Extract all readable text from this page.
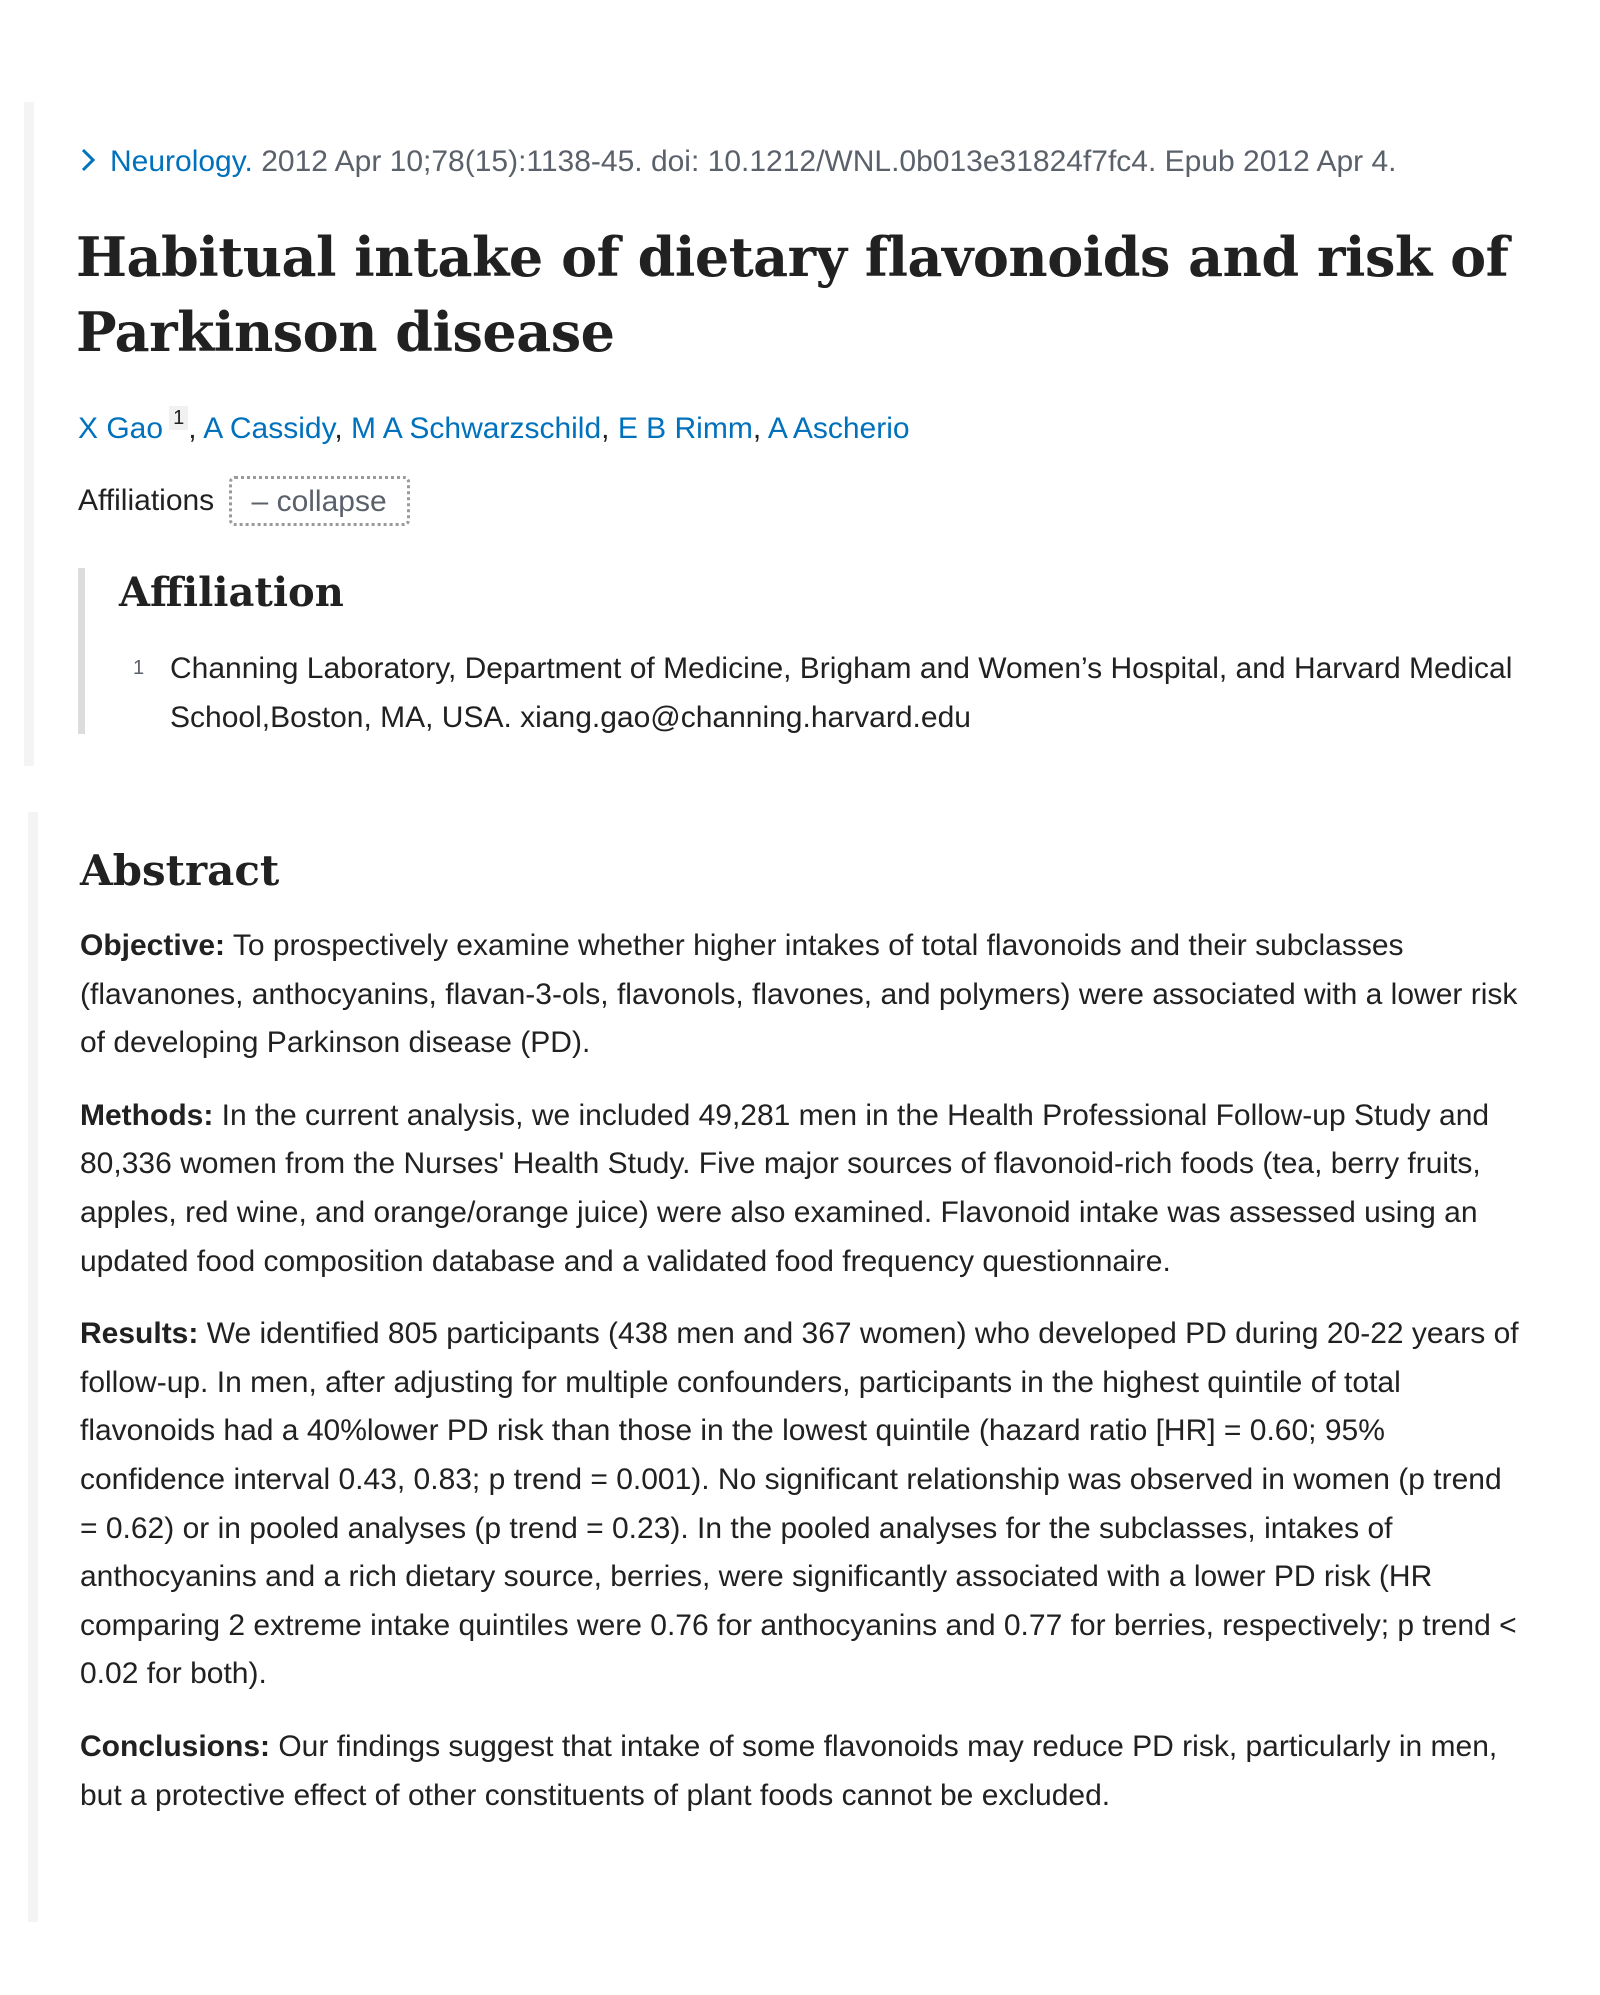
Neurology. 2012 Apr 10;78(15):1138-45. doi: 10.1212/WNL.0b013e31824f7fc4. Epub 2012 Apr 4.
Habitual intake of dietary flavonoids and risk of Parkinson disease
X Gao $^1$ , A Cassidy, M A Schwarzschild, E B Rimm, A Ascherio
Affiliations – collapse
Affiliation
1 Channing Laboratory, Department of Medicine, Brigham and Women’s Hospital, and Harvard Medical School,Boston, MA, USA. xiang.gao@channing.harvard.edu
Abstract

Objective: To prospectively examine whether higher intakes of total flavonoids and their subclasses (flavanones, anthocyanins, flavan-3-ols, flavonols, flavones, and polymers) were associated with a lower risk of developing Parkinson disease (PD).

Methods: In the current analysis, we included 49,281 men in the Health Professional Follow-up Study and 80,336 women from the Nurses' Health Study. Five major sources of flavonoid-rich foods (tea, berry fruits, apples, red wine, and orange/orange juice) were also examined. Flavonoid intake was assessed using an updated food composition database and a validated food frequency questionnaire.

Results: We identified 805 participants (438 men and 367 women) who developed PD during 20-22 years of follow-up. In men, after adjusting for multiple confounders, participants in the highest quintile of total flavonoids had a 40%lower PD risk than those in the lowest quintile (hazard ratio [HR] = 0.60; 95% confidence interval 0.43, 0.83; p trend = 0.001). No significant relationship was observed in women (p trend = 0.62) or in pooled analyses (p trend = 0.23). In the pooled analyses for the subclasses, intakes of anthocyanins and a rich dietary source, berries, were significantly associated with a lower PD risk (HR comparing 2 extreme intake quintiles were 0.76 for anthocyanins and 0.77 for berries, respectively; p trend < 0.02 for both).

Conclusions: Our findings suggest that intake of some flavonoids may reduce PD risk, particularly in men, but a protective effect of other constituents of plant foods cannot be excluded.
